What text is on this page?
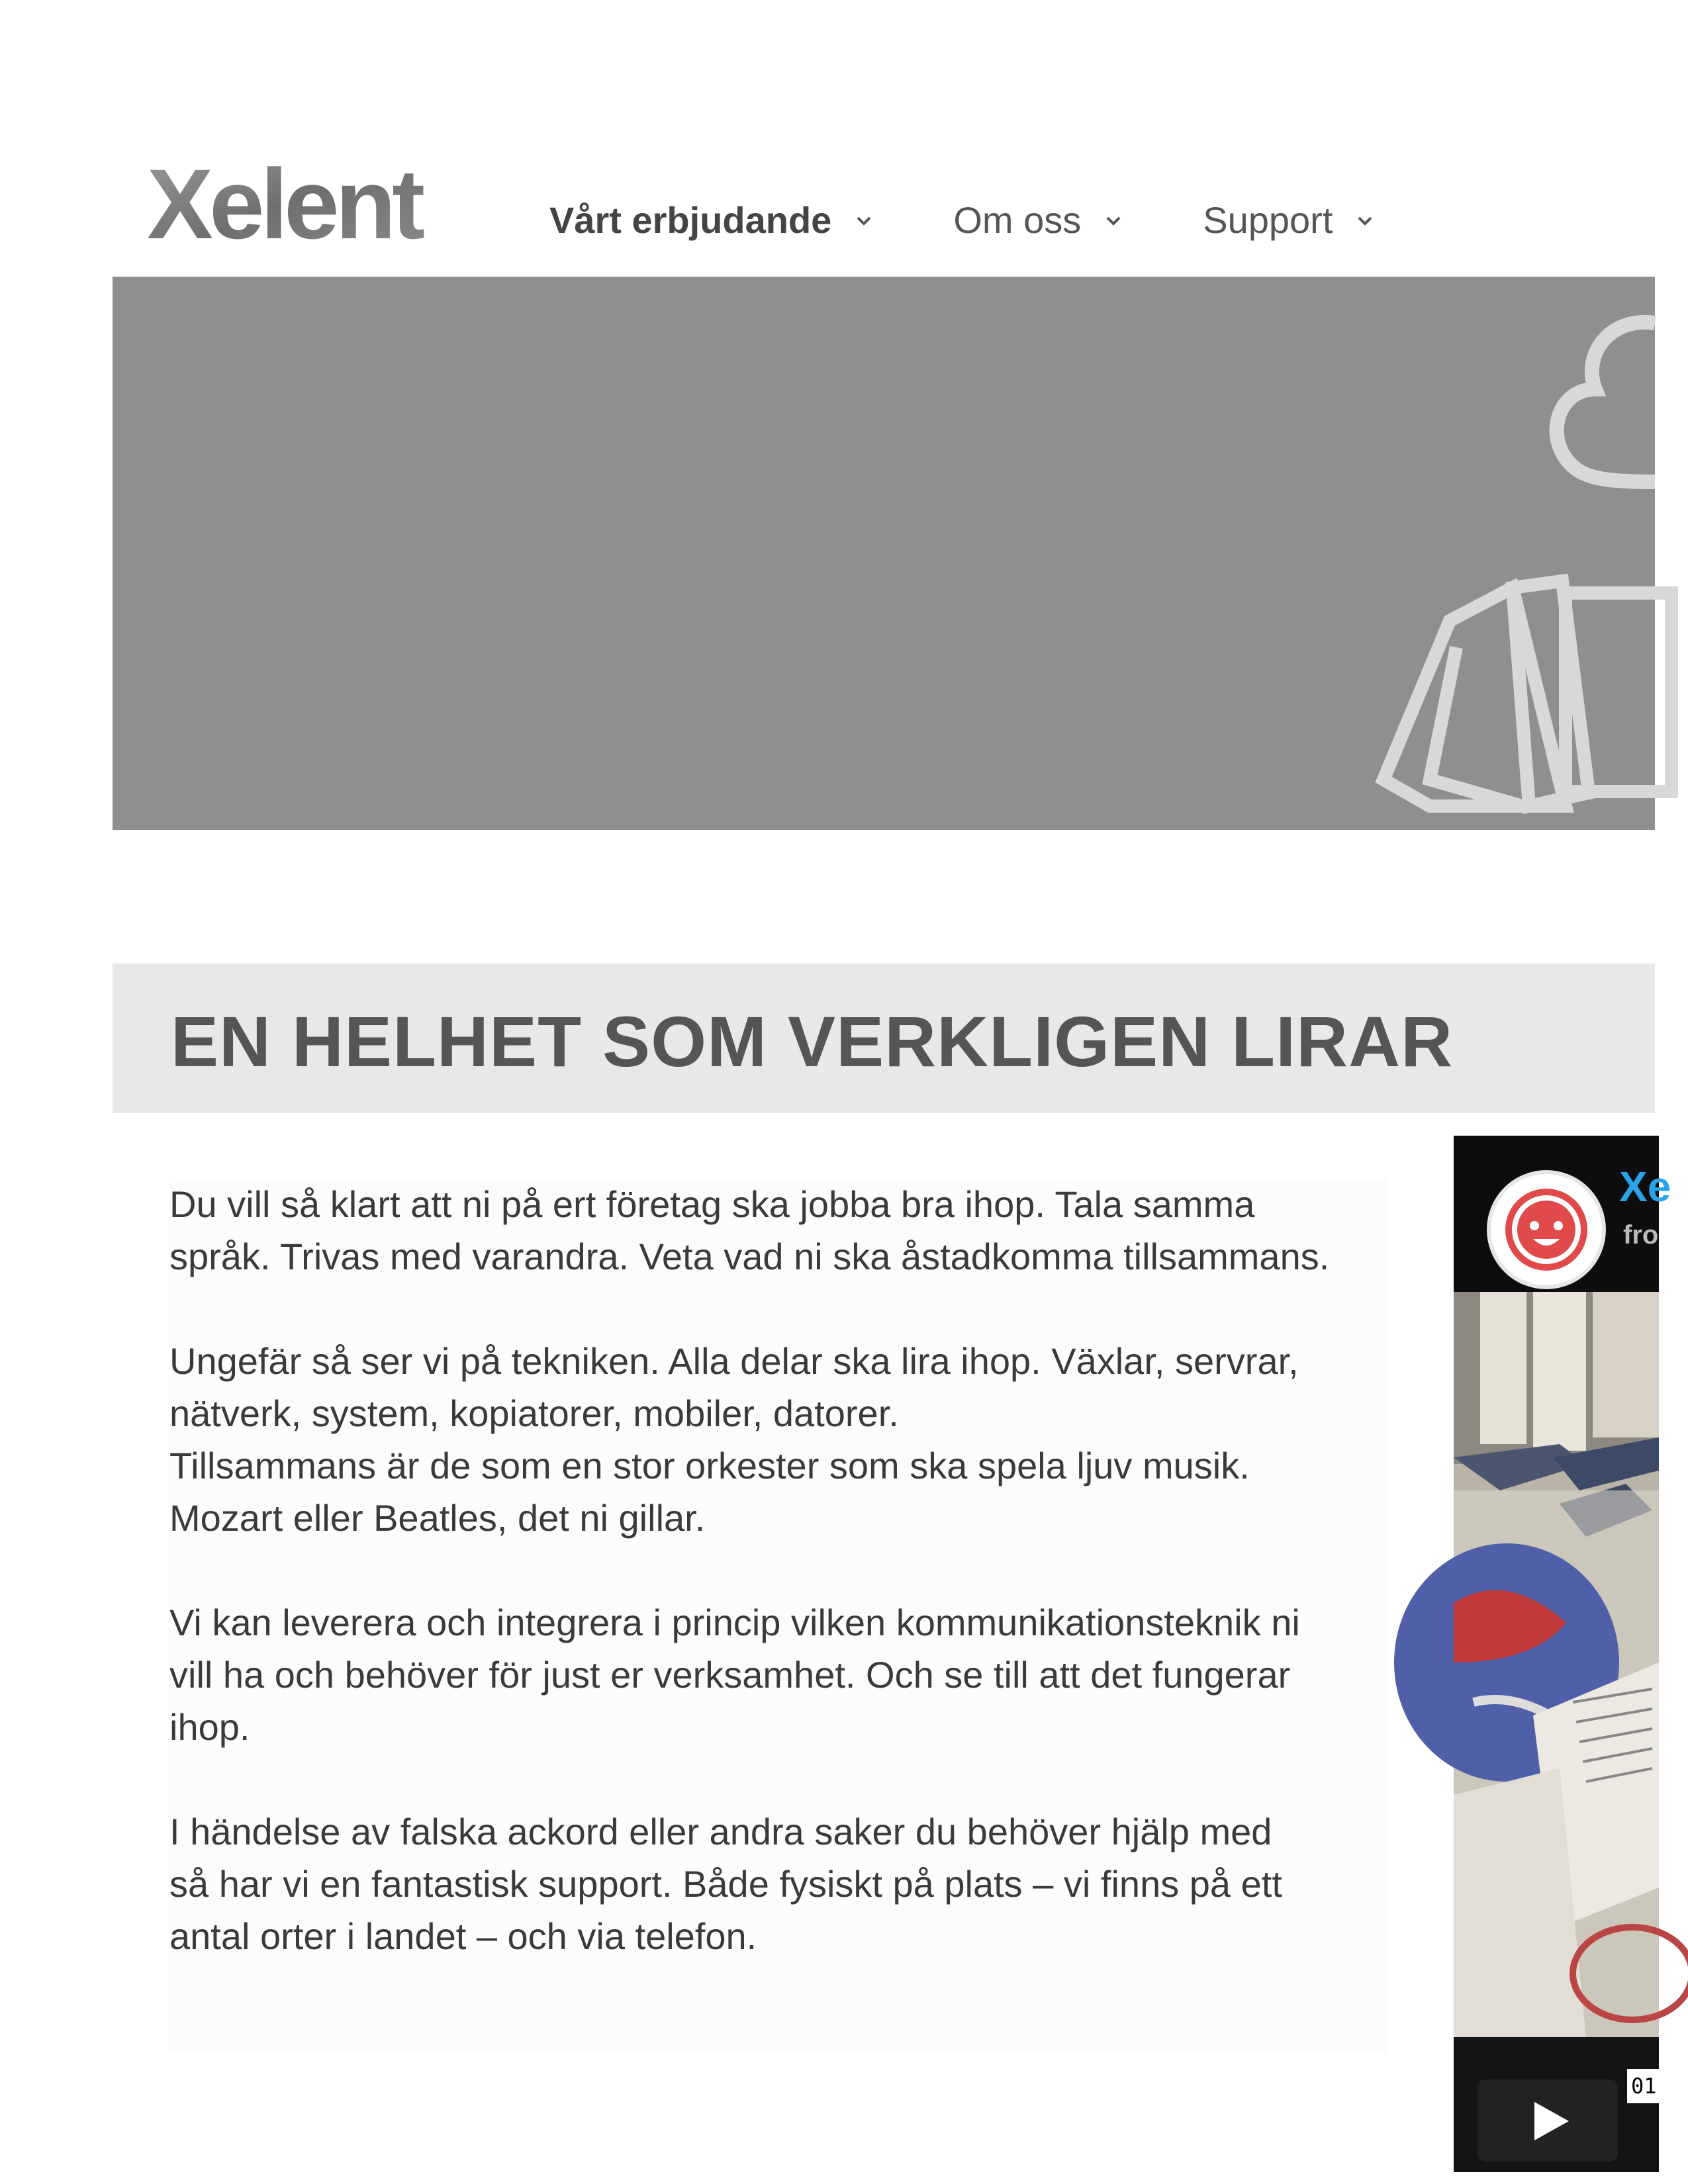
Xelent	Vårt erbjudande	Om oss	Support
EN HELHET SOM VERKLIGEN LIRAR

Du vill så klart att ni på ert företag ska jobba bra ihop. Tala samma
språk. Trivas med varandra. Veta vad ni ska åstadkomma tillsammans.

Ungefär så ser vi på tekniken. Alla delar ska lira ihop. Växlar, servrar,
nätverk, system, kopiatorer, mobiler, datorer.
Tillsammans är de som en stor orkester som ska spela ljuv musik.
Mozart eller Beatles, det ni gillar.

Vi kan leverera och integrera i princip vilken kommunikationsteknik ni
vill ha och behöver för just er verksamhet. Och se till att det fungerar
ihop.

I händelse av falska ackord eller andra saker du behöver hjälp med
så har vi en fantastisk support. Både fysiskt på plats – vi finns på ett
antal orter i landet – och via telefon.

Xe
fro
01
